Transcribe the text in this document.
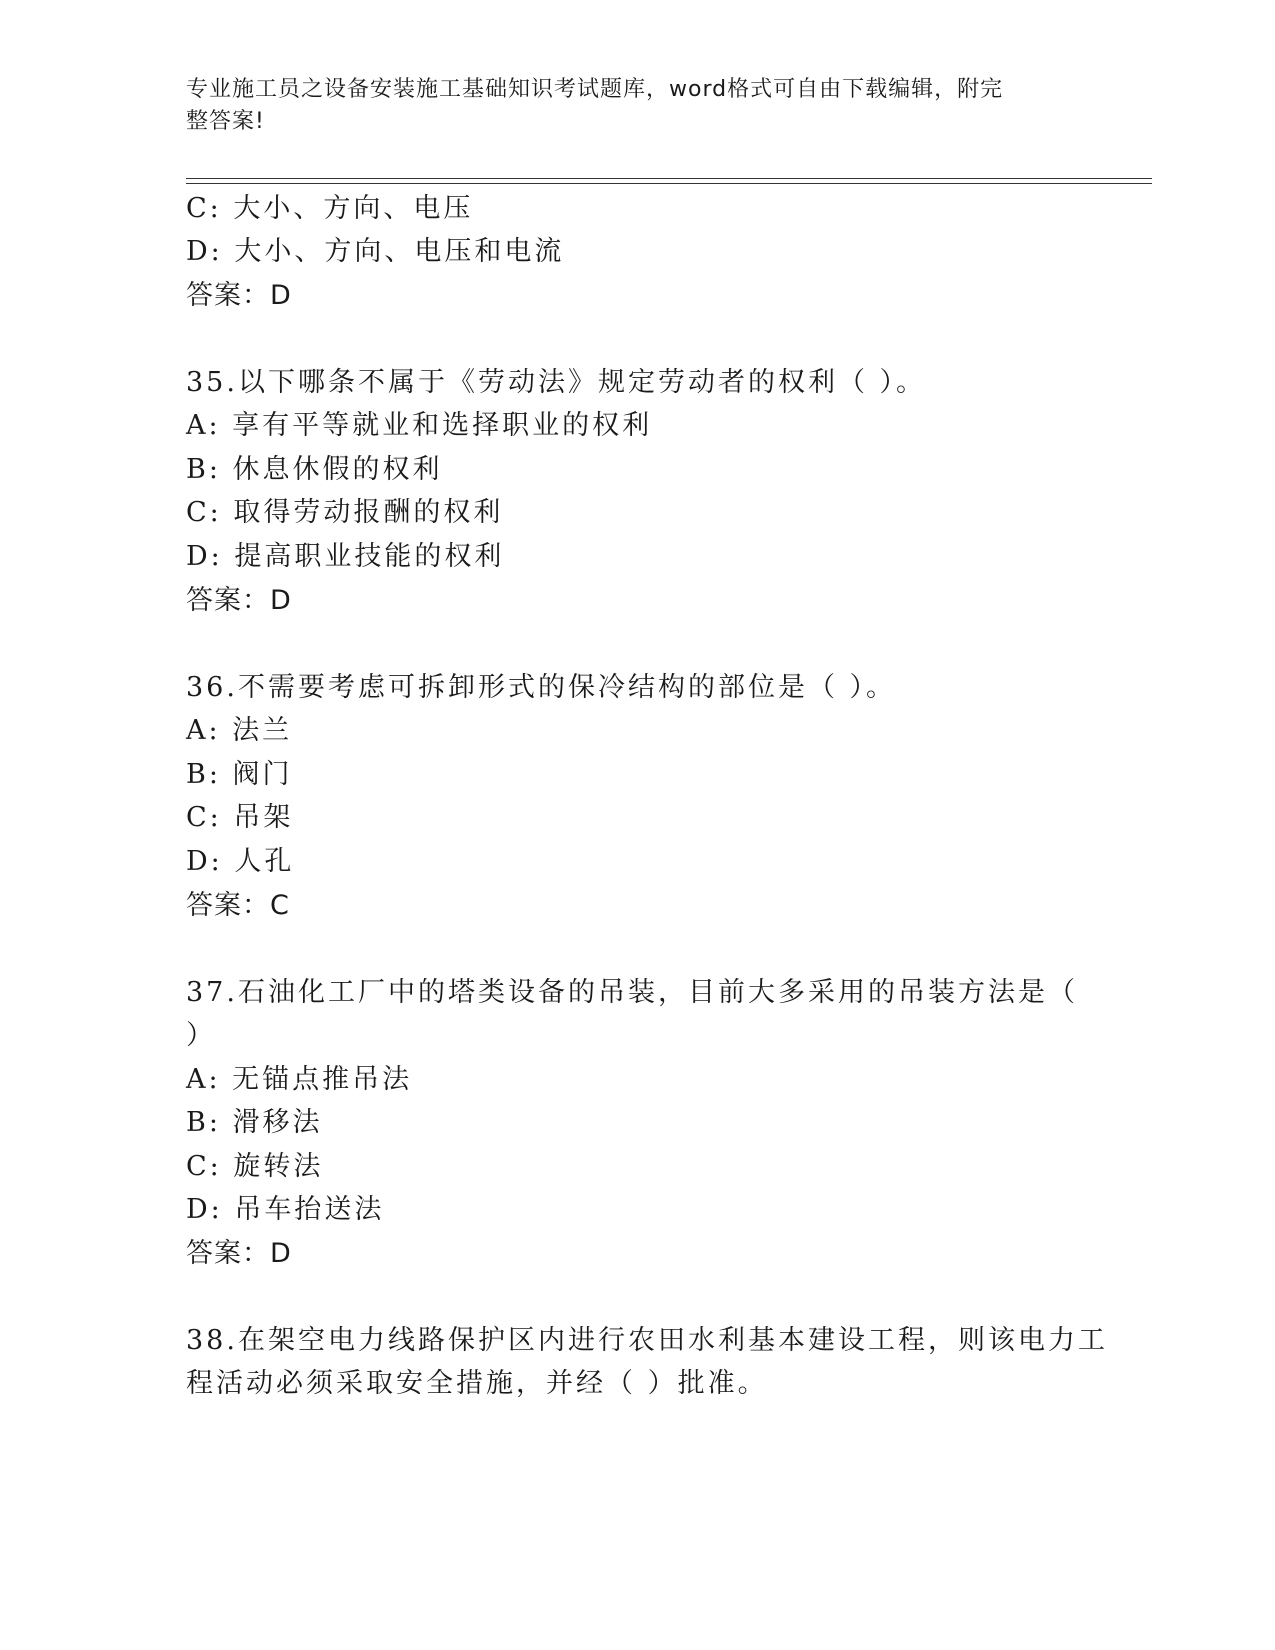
专业施工员之设备安装施工基础知识考试题库，word格式可自由下载编辑，附完
整答案!
C: 大小、方向、电压
D: 大小、方向、电压和电流
答案：D
35.以下哪条不属于《劳动法》规定劳动者的权利（ ）。
A: 享有平等就业和选择职业的权利
B: 休息休假的权利
C: 取得劳动报酬的权利
D: 提高职业技能的权利
答案：D
36.不需要考虑可拆卸形式的保冷结构的部位是（ ）。
A: 法兰
B: 阀门
C: 吊架
D: 人孔
答案：C
37.石油化工厂中的塔类设备的吊装，目前大多采用的吊装方法是（
）
A: 无锚点推吊法
B: 滑移法
C: 旋转法
D: 吊车抬送法
答案：D
38.在架空电力线路保护区内进行农田水利基本建设工程，则该电力工
程活动必须采取安全措施，并经（ ）批准。
